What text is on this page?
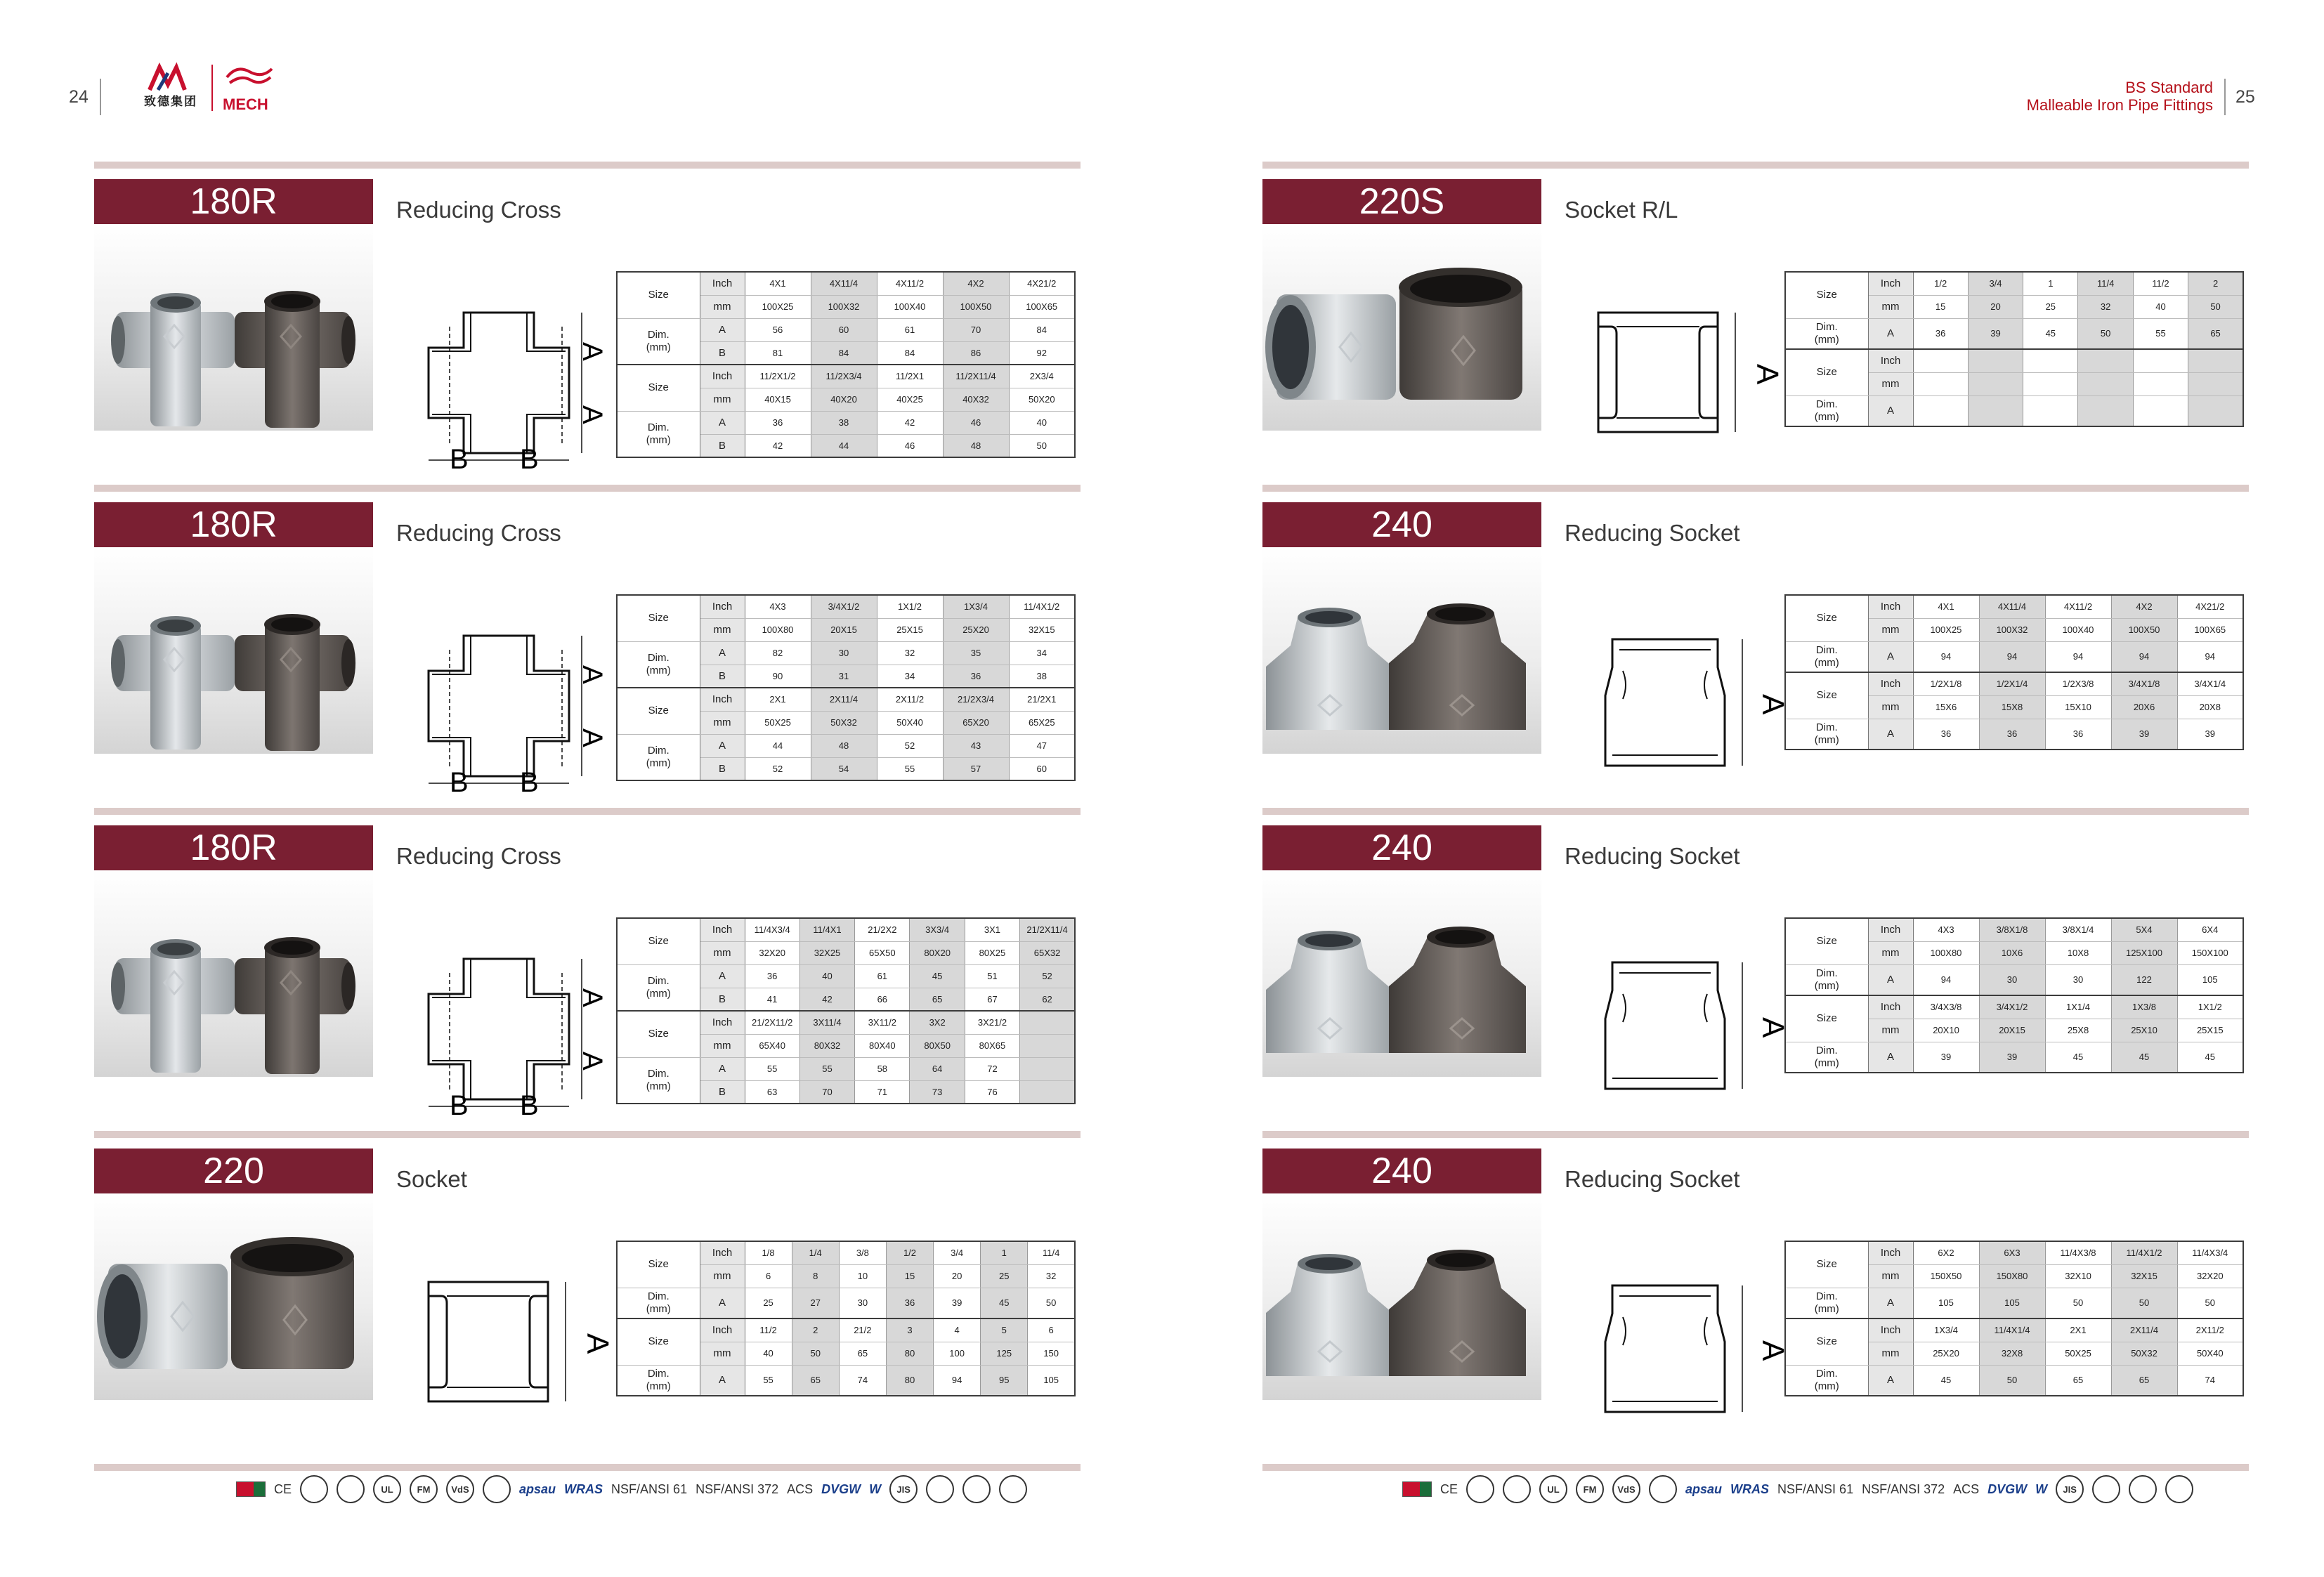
24	致德集团 MECH
BS Standard
Malleable Iron Pipe Fittings 25
180R	Reducing Cross
A
A
B B
Size	Inch	4X1	4X11/4	4X11/2	4X2	4X21/2
	mm	100X25	100X32	100X40	100X50	100X65

Dim.
(mm)	A	56	60	61	70	84
	B	81	84	84	86	92
Size	Inch	11/2X1/2	11/2X3/4	11/2X1	11/2X11/4	2X3/4
	mm	40X15	40X20	40X25	40X32	50X20

Dim.
(mm)	A	36	38	42	46	40
	B	42	44	46	48	50
180R	Reducing Cross
A
A
B B
Size	Inch	4X3	3/4X1/2	1X1/2	1X3/4	11/4X1/2
	mm	100X80	20X15	25X15	25X20	32X15

Dim.
(mm)	A	82	30	32	35	34
	B	90	31	34	36	38
Size	Inch	2X1	2X11/4	2X11/2	21/2X3/4	21/2X1
	mm	50X25	50X32	50X40	65X20	65X25

Dim.
(mm)	A	44	48	52	43	47
	B	52	54	55	57	60
180R	Reducing Cross
A
A
B B
Size	Inch	11/4X3/4	11/4X1	21/2X2	3X3/4	3X1	21/2X11/4
	mm	32X20	32X25	65X50	80X20	80X25	65X32

Dim.
(mm)	A	36	40	61	45	51	52
	B	41	42	66	65	67	62
Size	Inch	21/2X11/2	3X11/4	3X11/2	3X2	3X21/2	
	mm	65X40	80X32	80X40	80X50	80X65	

Dim.
(mm)	A	55	55	58	64	72	
	B	63	70	71	73	76	
220	Socket
A
Size	Inch	1/8	1/4	3/8	1/2	3/4	1	11/4
	mm	6	8	10	15	20	25	32

Dim.
(mm)	A	25	27	30	36	39	45	50
Size	Inch	11/2	2	21/2	3	4	5	6
	mm	40	50	65	80	100	125	150

Dim.
(mm)	A	55	65	74	80	94	95	105
220S	Socket R/L
A
Size	Inch	1/2	3/4	1	11/4	11/2	2
	mm	15	20	25	32	40	50

Dim.
(mm)	A	36	39	45	50	55	65
Size	Inch						
	mm						

Dim.
(mm)	A						
240	Reducing Socket
A
Size	Inch	4X1	4X11/4	4X11/2	4X2	4X21/2
	mm	100X25	100X32	100X40	100X50	100X65

Dim.
(mm)	A	94	94	94	94	94
Size	Inch	1/2X1/8	1/2X1/4	1/2X3/8	3/4X1/8	3/4X1/4
	mm	15X6	15X8	15X10	20X6	20X8

Dim.
(mm)	A	36	36	36	39	39
240	Reducing Socket
A
Size	Inch	4X3	3/8X1/8	3/8X1/4	5X4	6X4
	mm	100X80	10X6	10X8	125X100	150X100

Dim.
(mm)	A	94	30	30	122	105
Size	Inch	3/4X3/8	3/4X1/2	1X1/4	1X3/8	1X1/2
	mm	20X10	20X15	25X8	25X10	25X15

Dim.
(mm)	A	39	39	45	45	45
240	Reducing Socket
A
Size	Inch	6X2	6X3	11/4X3/8	11/4X1/2	11/4X3/4
	mm	150X50	150X80	32X10	32X15	32X20

Dim.
(mm)	A	105	105	50	50	50
Size	Inch	1X3/4	11/4X1/4	2X1	2X11/4	2X11/2
	mm	25X20	32X8	50X25	50X32	50X40

Dim.
(mm)	A	45	50	65	65	74
CE	UL	FM	VdS	apsau WRAS NSF/ANSI 61 NSF/ANSI 372 ACS DVGW W	JIS	CE	UL	FM	VdS	apsau WRAS NSF/ANSI 61 NSF/ANSI 372 ACS DVGW W	JIS
